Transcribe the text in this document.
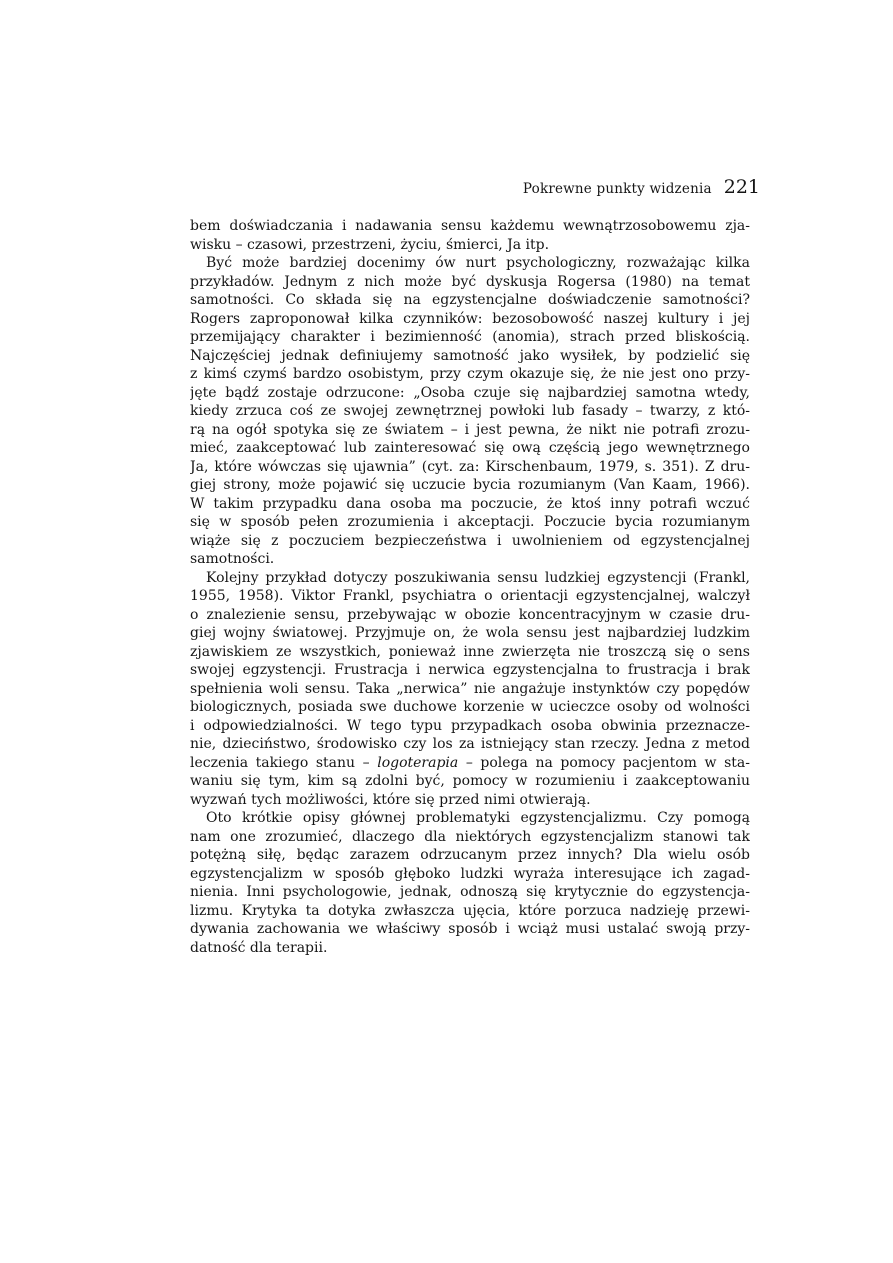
Pokrewne punkty widzenia 221
bem doświadczania i nadawania sensu każdemu wewnątrzosobowemu zja-
wisku – czasowi, przestrzeni, życiu, śmierci, Ja itp.
Być może bardziej docenimy ów nurt psychologiczny, rozważając kilka
przykładów. Jednym z nich może być dyskusja Rogersa (1980) na temat
samotności. Co składa się na egzystencjalne doświadczenie samotności?
Rogers zaproponował kilka czynników: bezosobowość naszej kultury i jej
przemijający charakter i bezimienność (anomia), strach przed bliskością.
Najczęściej jednak definiujemy samotność jako wysiłek, by podzielić się
z kimś czymś bardzo osobistym, przy czym okazuje się, że nie jest ono przy-
jęte bądź zostaje odrzucone: „Osoba czuje się najbardziej samotna wtedy,
kiedy zrzuca coś ze swojej zewnętrznej powłoki lub fasady – twarzy, z któ-
rą na ogół spotyka się ze światem – i jest pewna, że nikt nie potrafi zrozu-
mieć, zaakceptować lub zainteresować się ową częścią jego wewnętrznego
Ja, które wówczas się ujawnia” (cyt. za: Kirschenbaum, 1979, s. 351). Z dru-
giej strony, może pojawić się uczucie bycia rozumianym (Van Kaam, 1966).
W takim przypadku dana osoba ma poczucie, że ktoś inny potrafi wczuć
się w sposób pełen zrozumienia i akceptacji. Poczucie bycia rozumianym
wiąże się z poczuciem bezpieczeństwa i uwolnieniem od egzystencjalnej
samotności.
Kolejny przykład dotyczy poszukiwania sensu ludzkiej egzystencji (Frankl,
1955, 1958). Viktor Frankl, psychiatra o orientacji egzystencjalnej, walczył
o znalezienie sensu, przebywając w obozie koncentracyjnym w czasie dru-
giej wojny światowej. Przyjmuje on, że wola sensu jest najbardziej ludzkim
zjawiskiem ze wszystkich, ponieważ inne zwierzęta nie troszczą się o sens
swojej egzystencji. Frustracja i nerwica egzystencjalna to frustracja i brak
spełnienia woli sensu. Taka „nerwica” nie angażuje instynktów czy popędów
biologicznych, posiada swe duchowe korzenie w ucieczce osoby od wolności
i odpowiedzialności. W tego typu przypadkach osoba obwinia przeznacze-
nie, dzieciństwo, środowisko czy los za istniejący stan rzeczy. Jedna z metod
leczenia takiego stanu – logoterapia – polega na pomocy pacjentom w sta-
waniu się tym, kim są zdolni być, pomocy w rozumieniu i zaakceptowaniu
wyzwań tych możliwości, które się przed nimi otwierają.
Oto krótkie opisy głównej problematyki egzystencjalizmu. Czy pomogą
nam one zrozumieć, dlaczego dla niektórych egzystencjalizm stanowi tak
potężną siłę, będąc zarazem odrzucanym przez innych? Dla wielu osób
egzystencjalizm w sposób głęboko ludzki wyraża interesujące ich zagad-
nienia. Inni psychologowie, jednak, odnoszą się krytycznie do egzystencja-
lizmu. Krytyka ta dotyka zwłaszcza ujęcia, które porzuca nadzieję przewi-
dywania zachowania we właściwy sposób i wciąż musi ustalać swoją przy-
datność dla terapii.
